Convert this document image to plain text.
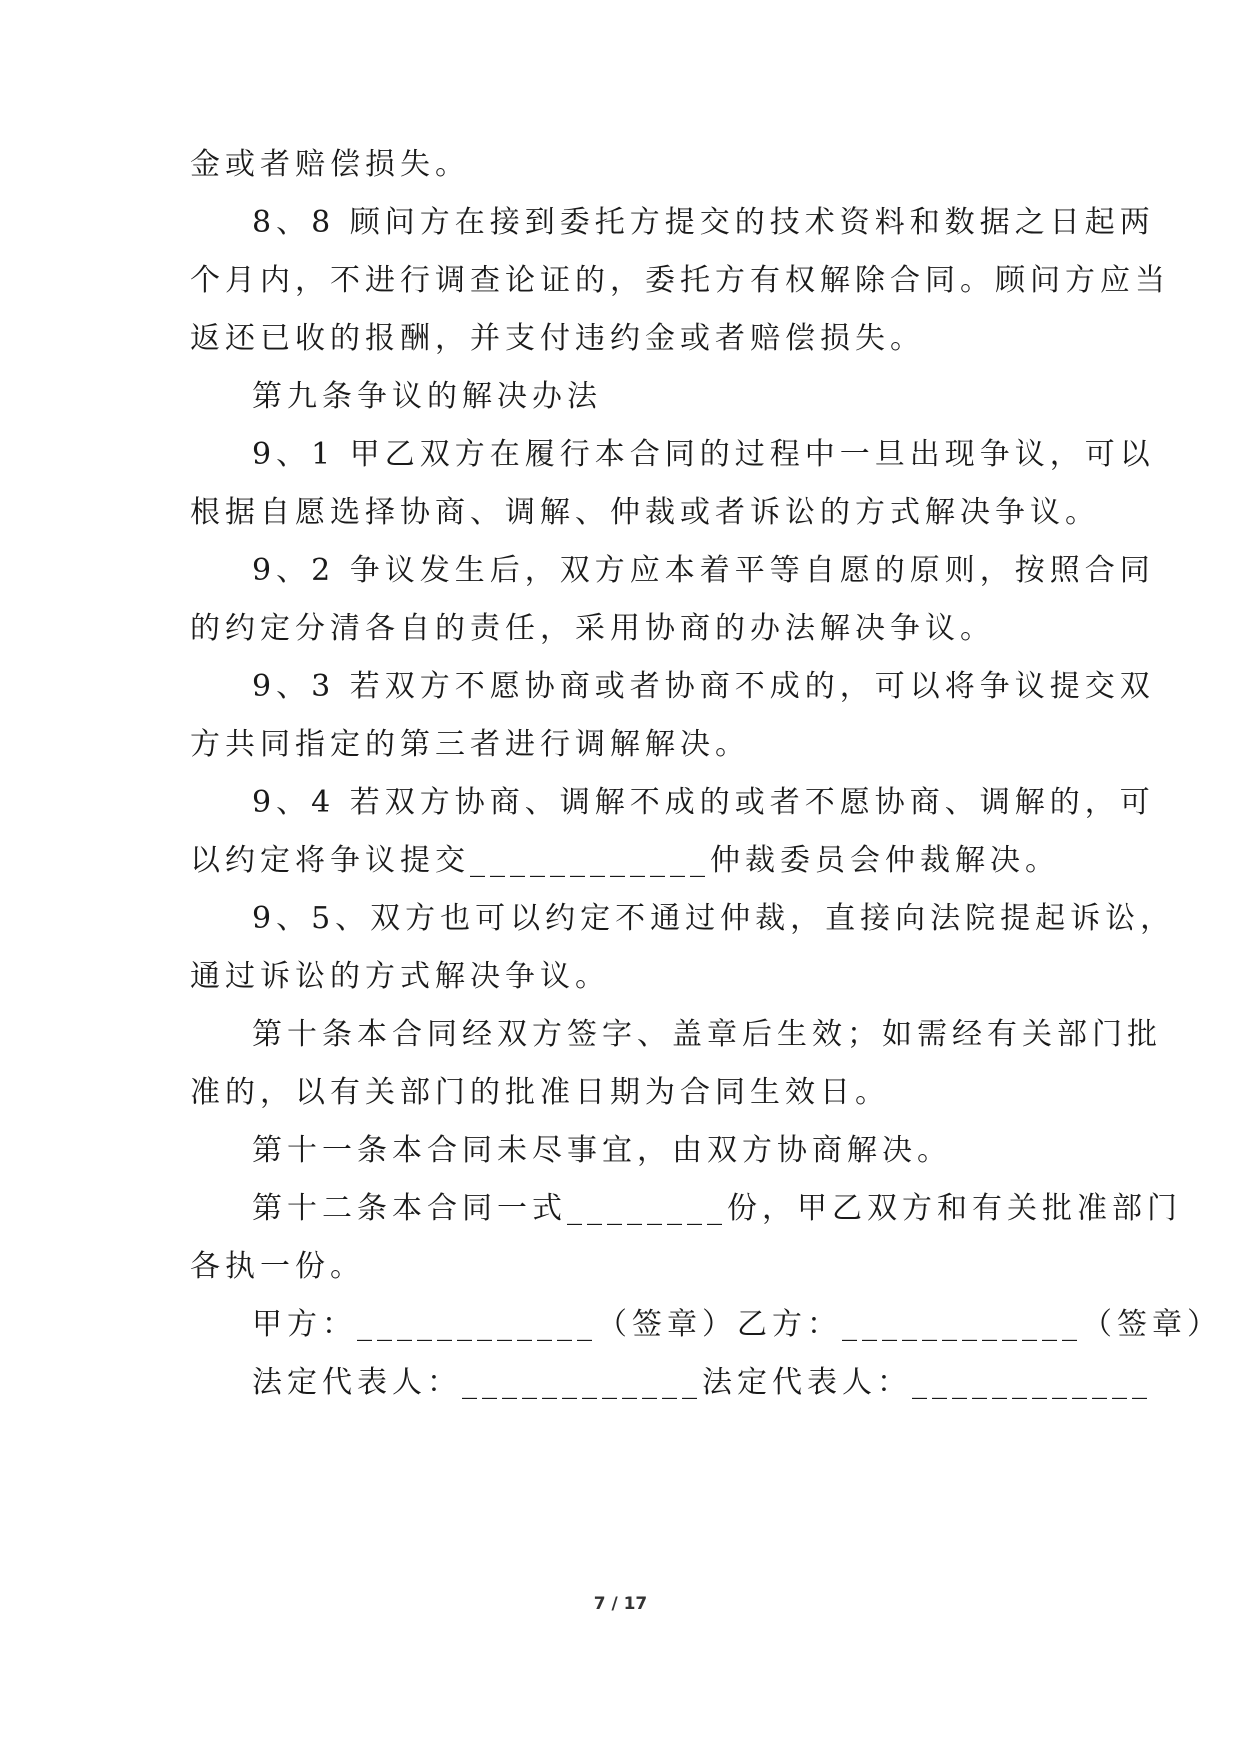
金或者赔偿损失。
8、8 顾问方在接到委托方提交的技术资料和数据之日起两
个月内，不进行调查论证的，委托方有权解除合同。顾问方应当
返还已收的报酬，并支付违约金或者赔偿损失。
第九条争议的解决办法
9、1 甲乙双方在履行本合同的过程中一旦出现争议，可以
根据自愿选择协商、调解、仲裁或者诉讼的方式解决争议。
9、2 争议发生后，双方应本着平等自愿的原则，按照合同
的约定分清各自的责任，采用协商的办法解决争议。
9、3 若双方不愿协商或者协商不成的，可以将争议提交双
方共同指定的第三者进行调解解决。
9、4 若双方协商、调解不成的或者不愿协商、调解的，可
以约定将争议提交____________仲裁委员会仲裁解决。
9、5、双方也可以约定不通过仲裁，直接向法院提起诉讼，
通过诉讼的方式解决争议。
第十条本合同经双方签字、盖章后生效；如需经有关部门批
准的，以有关部门的批准日期为合同生效日。
第十一条本合同未尽事宜，由双方协商解决。
第十二条本合同一式________份，甲乙双方和有关批准部门
各执一份。
甲方：____________（签章）乙方：____________（签章）
法定代表人：____________法定代表人：____________
7 / 17
